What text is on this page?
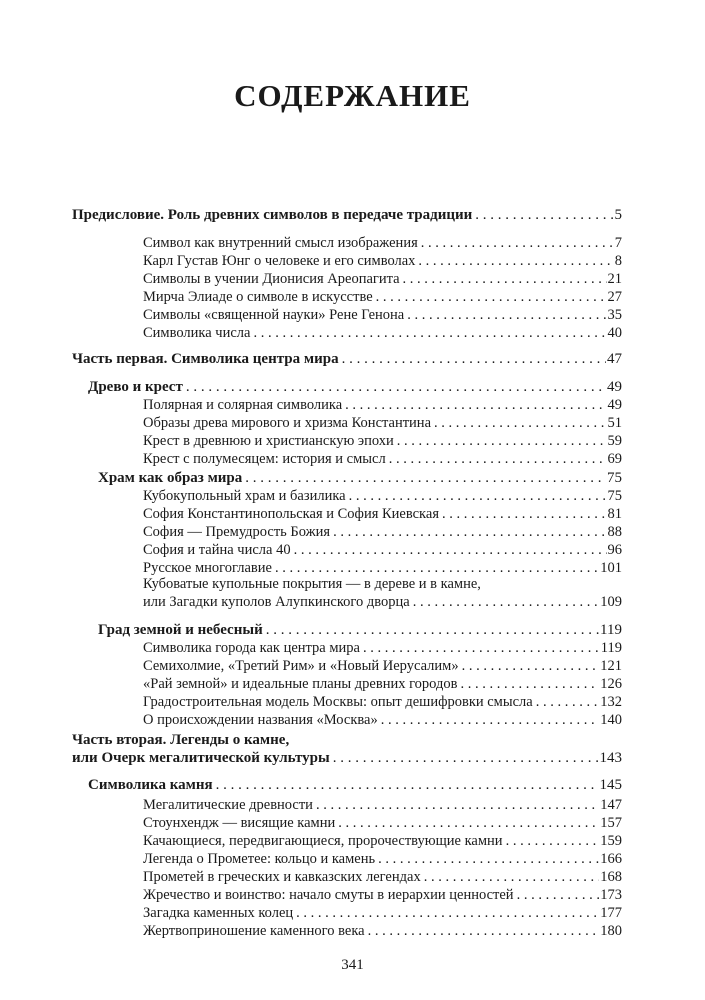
СОДЕРЖАНИЕ
Предисловие. Роль древних символов в передаче традиции . . .	5
Символ как внутренний смысл изображения . . .	7
Карл Густав Юнг о человеке и его символах . . .	8
Символы в учении Дионисия Ареопагита . . .	21
Мирча Элиаде о символе в искусстве . . .	27
Символы «священной науки» Рене Генона . . .	35
Символика числа . . .	40
Часть первая. Символика центра мира . . .	47
Древо и крест . . .	49
Полярная и солярная символика . . .	49
Образы древа мирового и хризма Константина . . .	51
Крест в древнюю и христианскую эпохи . . .	59
Крест с полумесяцем: история и смысл . . .	69
Храм как образ мира . . .	75
Кубокупольный храм и базилика . . .	75
София Константинопольская и София Киевская . . .	81
София — Премудрость Божия . . .	88
София и тайна числа 40 . . .	96
Русское многоглавие . . .	101
Кубоватые купольные покрытия — в дереве и в камне,
или Загадки куполов Алупкинского дворца . . .	109
Град земной и небесный . . .	119
Символика города как центра мира . . .	119
Семихолмие, «Третий Рим» и «Новый Иерусалим» . . .	121
«Рай земной» и идеальные планы древних городов . . .	126
Градостроительная модель Москвы: опыт дешифровки смысла . . .	132
О происхождении названия «Москва» . . .	140
Часть вторая. Легенды о камне,
или Очерк мегалитической культуры . . .	143
Символика камня . . .	145
Мегалитические древности . . .	147
Стоунхендж — висящие камни . . .	157
Качающиеся, передвигающиеся, пророчествующие камни . . .	159
Легенда о Прометее: кольцо и камень . . .	166
Прометей в греческих и кавказских легендах . . .	168
Жречество и воинство: начало смуты в иерархии ценностей . . .	173
Загадка каменных колец . . .	177
Жертвоприношение каменного века . . .	180
341
